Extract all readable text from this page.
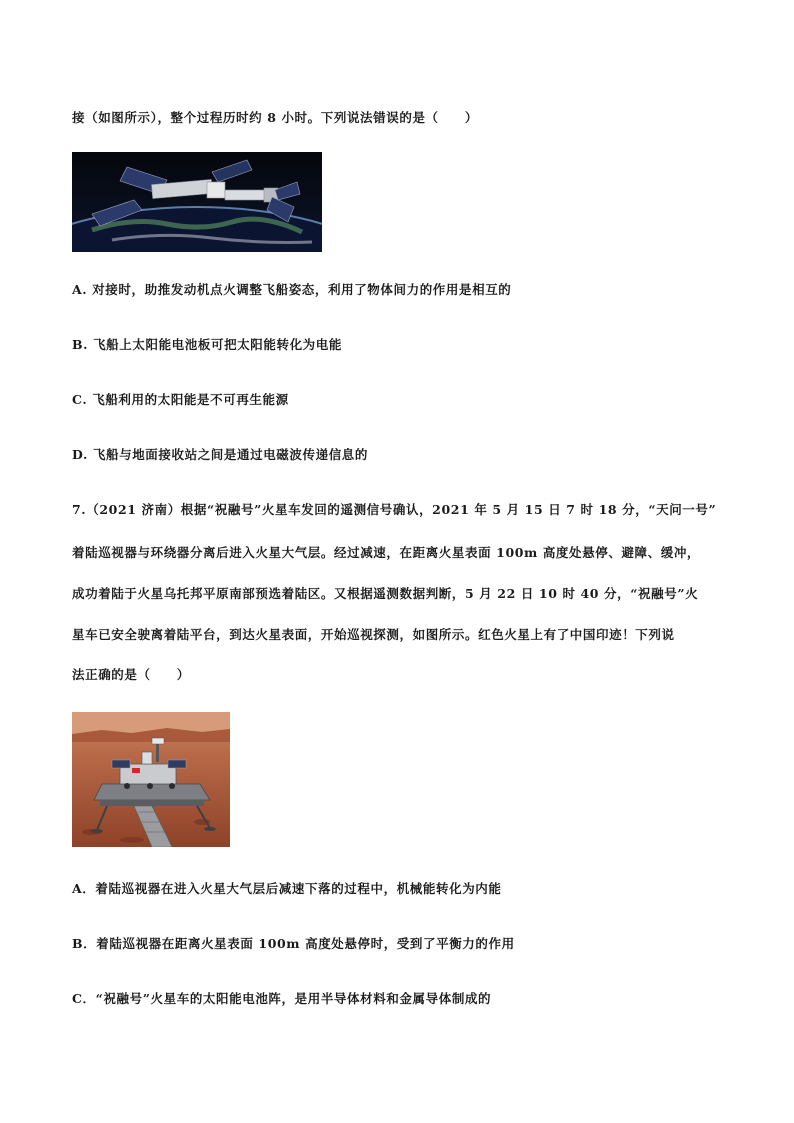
接（如图所示），整个过程历时约 8 小时。下列说法错误的是（　　）
A. 对接时，助推发动机点火调整飞船姿态，利用了物体间力的作用是相互的
B. 飞船上太阳能电池板可把太阳能转化为电能
C. 飞船利用的太阳能是不可再生能源
D. 飞船与地面接收站之间是通过电磁波传递信息的
7.（2021 济南）根据“祝融号”火星车发回的遥测信号确认，2021 年 5 月 15 日 7 时 18 分，“天问一号”
着陆巡视器与环绕器分离后进入火星大气层。经过减速，在距离火星表面 100m 高度处悬停、避障、缓冲，
成功着陆于火星乌托邦平原南部预选着陆区。又根据遥测数据判断，5 月 22 日 10 时 40 分，“祝融号”火
星车已安全驶离着陆平台，到达火星表面，开始巡视探测，如图所示。红色火星上有了中国印迹！下列说
法正确的是（　　）
A．着陆巡视器在进入火星大气层后减速下落的过程中，机械能转化为内能
B．着陆巡视器在距离火星表面 100m 高度处悬停时，受到了平衡力的作用
C．“祝融号”火星车的太阳能电池阵，是用半导体材料和金属导体制成的
